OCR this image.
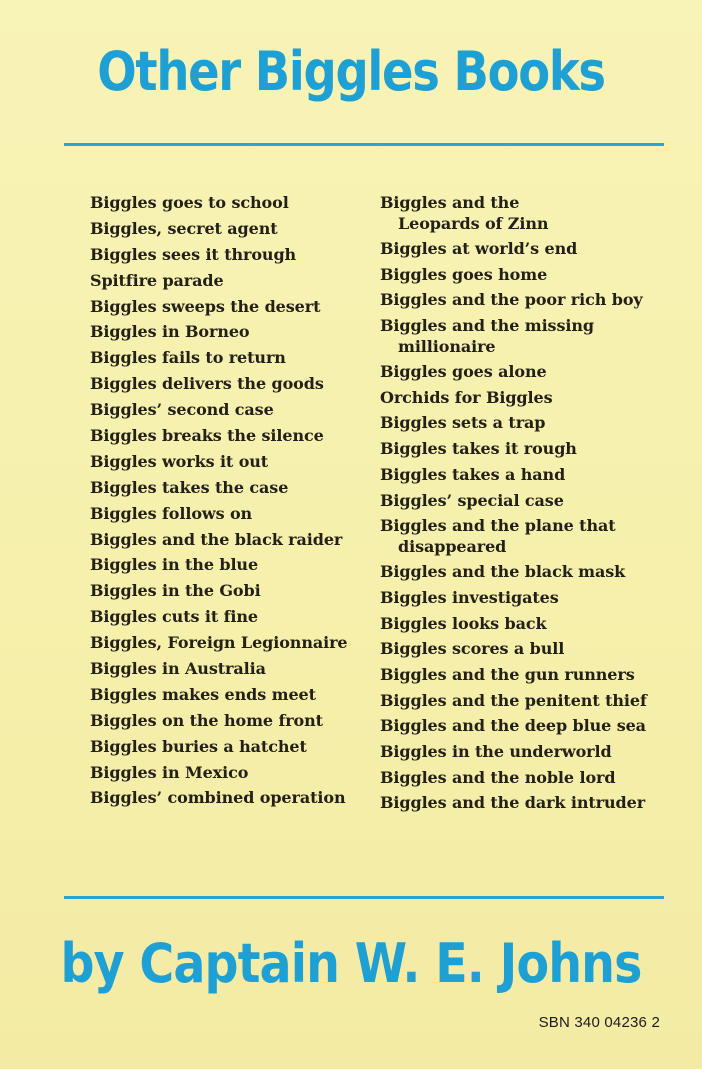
Other Biggles Books
Biggles goes to school
Biggles, secret agent
Biggles sees it through
Spitfire parade
Biggles sweeps the desert
Biggles in Borneo
Biggles fails to return
Biggles delivers the goods
Biggles’ second case
Biggles breaks the silence
Biggles works it out
Biggles takes the case
Biggles follows on
Biggles and the black raider
Biggles in the blue
Biggles in the Gobi
Biggles cuts it fine
Biggles, Foreign Legionnaire
Biggles in Australia
Biggles makes ends meet
Biggles on the home front
Biggles buries a hatchet
Biggles in Mexico
Biggles’ combined operation
Biggles and the
Leopards of Zinn
Biggles at world’s end
Biggles goes home
Biggles and the poor rich boy
Biggles and the missing
millionaire
Biggles goes alone
Orchids for Biggles
Biggles sets a trap
Biggles takes it rough
Biggles takes a hand
Biggles’ special case
Biggles and the plane that
disappeared
Biggles and the black mask
Biggles investigates
Biggles looks back
Biggles scores a bull
Biggles and the gun runners
Biggles and the penitent thief
Biggles and the deep blue sea
Biggles in the underworld
Biggles and the noble lord
Biggles and the dark intruder
by Captain W. E. Johns
SBN 340 04236 2
